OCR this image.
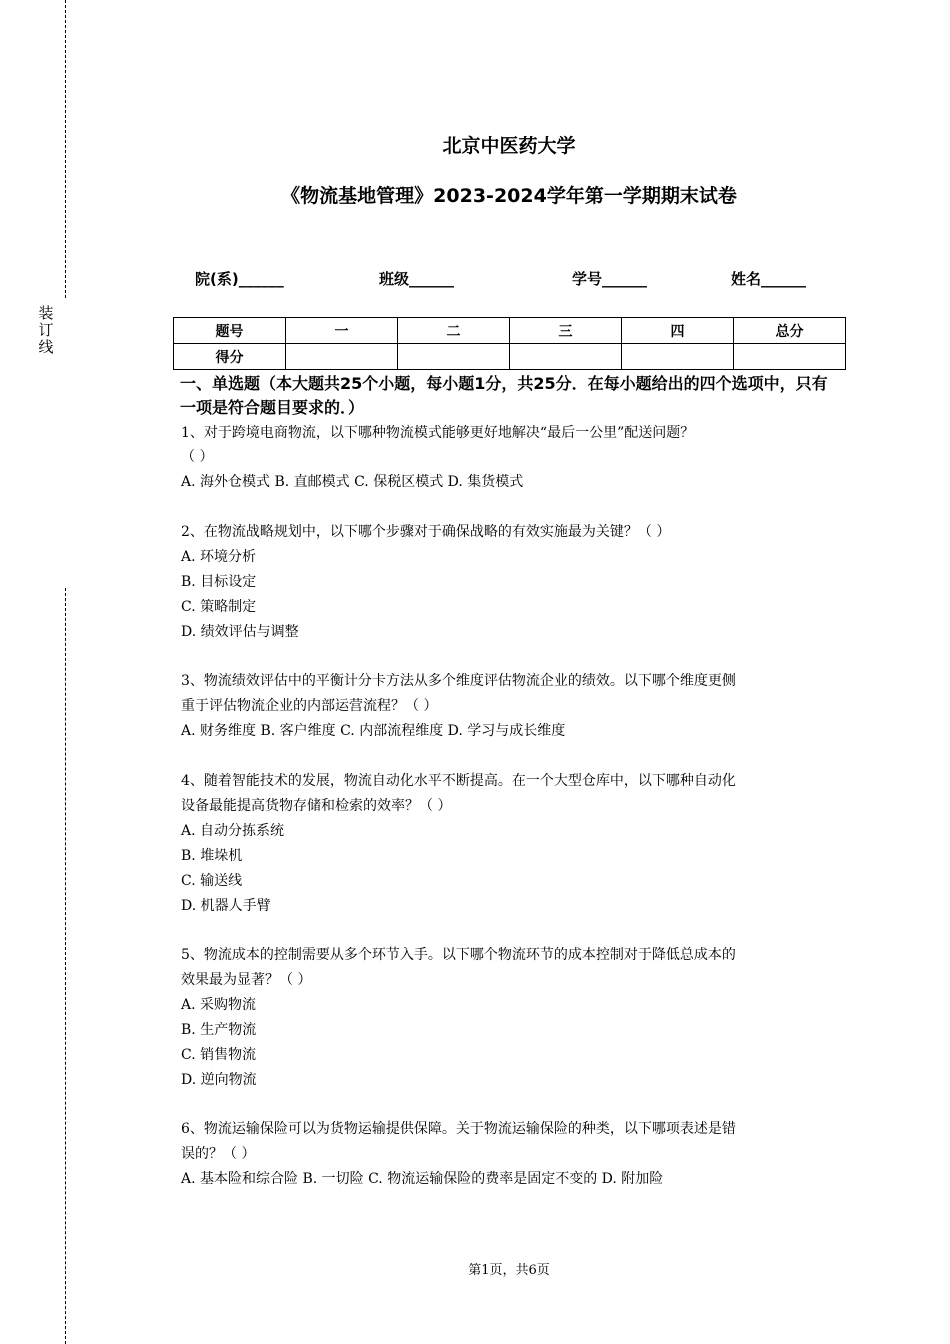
装
订
线
北京中医药大学
《物流基地管理》2023-2024学年第一学期期末试卷
院(系)______	班级______	学号______	姓名______
题号	一	二	三	四	总分
得分					
一、单选题（本大题共25个小题，每小题1分，共25分．在每小题给出的四个选项中，只有一项是符合题目要求的．）
1、对于跨境电商物流，以下哪种物流模式能够更好地解决“最后一公里”配送问题？
（ ）
A. 海外仓模式 B. 直邮模式 C. 保税区模式 D. 集货模式
2、在物流战略规划中，以下哪个步骤对于确保战略的有效实施最为关键？（ ）
A. 环境分析
B. 目标设定
C. 策略制定
D. 绩效评估与调整
3、物流绩效评估中的平衡计分卡方法从多个维度评估物流企业的绩效。以下哪个维度更侧
重于评估物流企业的内部运营流程？（ ）
A. 财务维度 B. 客户维度 C. 内部流程维度 D. 学习与成长维度
4、随着智能技术的发展，物流自动化水平不断提高。在一个大型仓库中，以下哪种自动化
设备最能提高货物存储和检索的效率？（ ）
A. 自动分拣系统
B. 堆垛机
C. 输送线
D. 机器人手臂
5、物流成本的控制需要从多个环节入手。以下哪个物流环节的成本控制对于降低总成本的
效果最为显著？（ ）
A. 采购物流
B. 生产物流
C. 销售物流
D. 逆向物流
6、物流运输保险可以为货物运输提供保障。关于物流运输保险的种类，以下哪项表述是错
误的？（ ）
A. 基本险和综合险 B. 一切险 C. 物流运输保险的费率是固定不变的 D. 附加险
第1页，共6页
